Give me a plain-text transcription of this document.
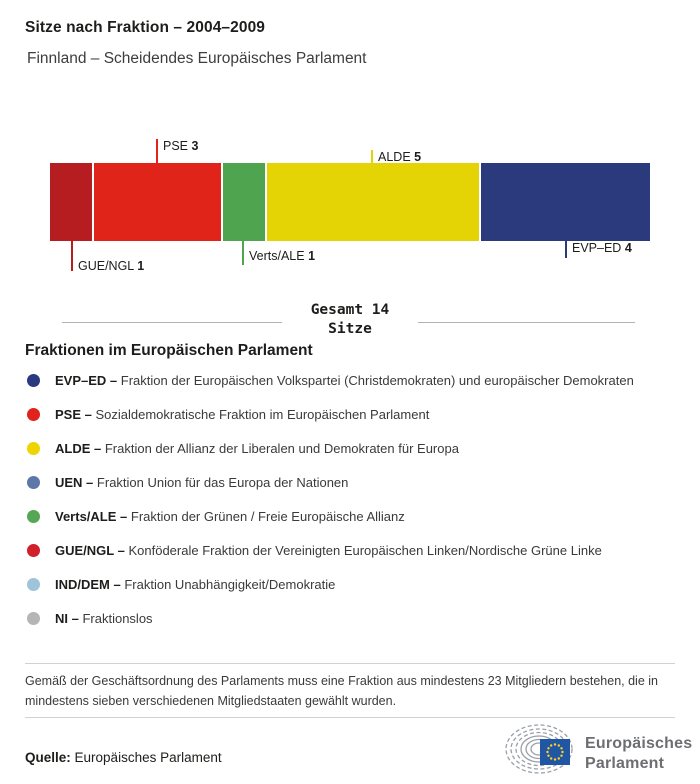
Sitze nach Fraktion – 2004–2009
Finnland – Scheidendes Europäisches Parlament
PSE 3
ALDE 5
GUE/NGL 1
Verts/ALE 1
EVP–ED 4
Gesamt 14
Sitze
Fraktionen im Europäischen Parlament
EVP–ED – Fraktion der Europäischen Volkspartei (Christdemokraten) und europäischer Demokraten
PSE – Sozialdemokratische Fraktion im Europäischen Parlament
ALDE – Fraktion der Allianz der Liberalen und Demokraten für Europa
UEN – Fraktion Union für das Europa der Nationen
Verts/ALE – Fraktion der Grünen / Freie Europäische Allianz
GUE/NGL – Konföderale Fraktion der Vereinigten Europäischen Linken/Nordische Grüne Linke
IND/DEM – Fraktion Unabhängigkeit/Demokratie
NI – Fraktionslos
Gemäß der Geschäftsordnung des Parlaments muss eine Fraktion aus mindestens 23 Mitgliedern bestehen, die in mindestens sieben verschiedenen Mitgliedstaaten gewählt wurden.
Quelle: Europäisches Parlament
Europäisches
Parlament
